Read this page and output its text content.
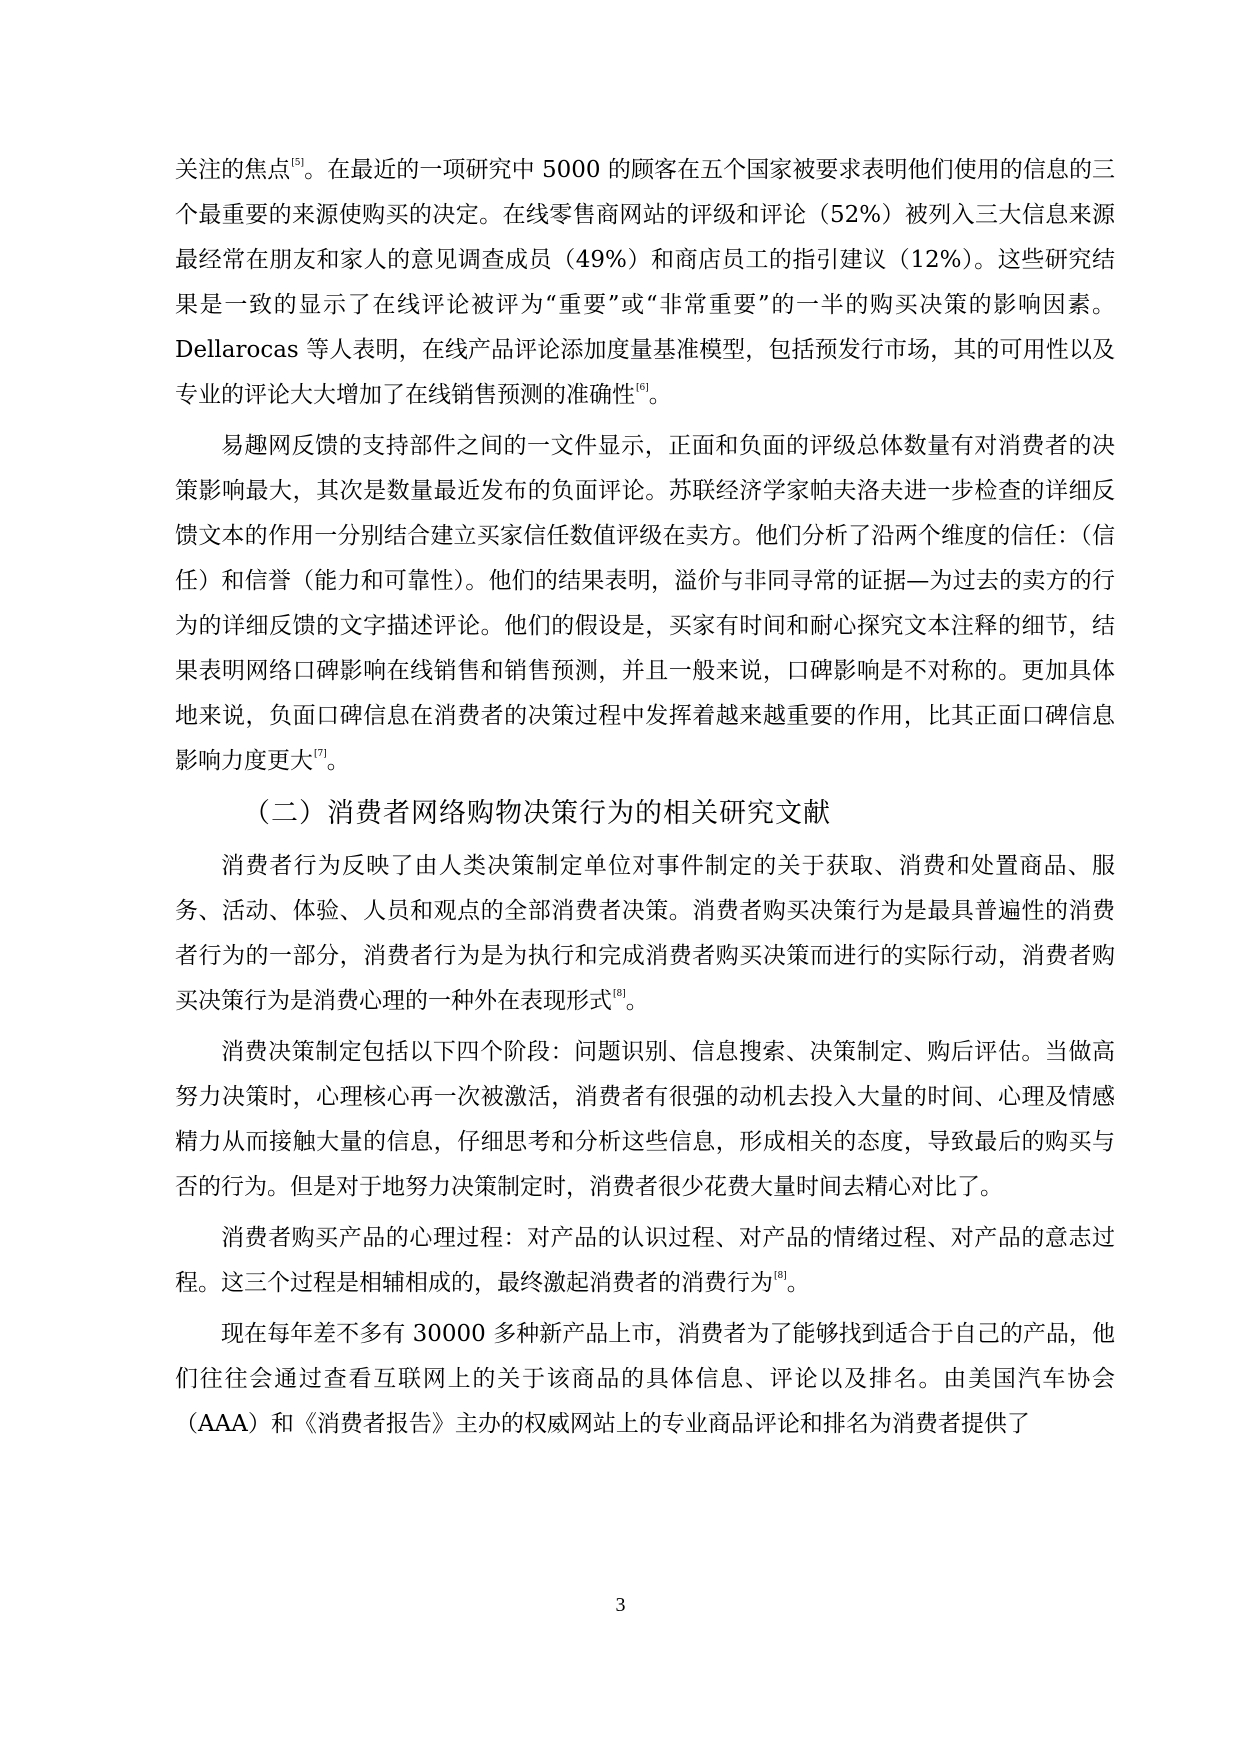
关注的焦点[5]。在最近的一项研究中 5000 的顾客在五个国家被要求表明他们使用的信息的三个最重要的来源使购买的决定。在线零售商网站的评级和评论（52%）被列入三大信息来源最经常在朋友和家人的意见调查成员（49%）和商店员工的指引建议（12%）。这些研究结果是一致的显示了在线评论被评为“重要”或“非常重要”的一半的购买决策的影响因素。Dellarocas 等人表明，在线产品评论添加度量基准模型，包括预发行市场，其的可用性以及专业的评论大大增加了在线销售预测的准确性[6]。

易趣网反馈的支持部件之间的一文件显示，正面和负面的评级总体数量有对消费者的决策影响最大，其次是数量最近发布的负面评论。苏联经济学家帕夫洛夫进一步检查的详细反馈文本的作用一分别结合建立买家信任数值评级在卖方。他们分析了沿两个维度的信任：（信任）和信誉（能力和可靠性）。他们的结果表明，溢价与非同寻常的证据—为过去的卖方的行为的详细反馈的文字描述评论。他们的假设是，买家有时间和耐心探究文本注释的细节，结果表明网络口碑影响在线销售和销售预测，并且一般来说，口碑影响是不对称的。更加具体地来说，负面口碑信息在消费者的决策过程中发挥着越来越重要的作用，比其正面口碑信息影响力度更大[7]。

（二）消费者网络购物决策行为的相关研究文献

消费者行为反映了由人类决策制定单位对事件制定的关于获取、消费和处置商品、服务、活动、体验、人员和观点的全部消费者决策。消费者购买决策行为是最具普遍性的消费者行为的一部分，消费者行为是为执行和完成消费者购买决策而进行的实际行动，消费者购买决策行为是消费心理的一种外在表现形式[8]。

消费决策制定包括以下四个阶段：问题识别、信息搜索、决策制定、购后评估。当做高努力决策时，心理核心再一次被激活，消费者有很强的动机去投入大量的时间、心理及情感精力从而接触大量的信息，仔细思考和分析这些信息，形成相关的态度，导致最后的购买与否的行为。但是对于地努力决策制定时，消费者很少花费大量时间去精心对比了。

消费者购买产品的心理过程：对产品的认识过程、对产品的情绪过程、对产品的意志过程。这三个过程是相辅相成的，最终激起消费者的消费行为[8]。

现在每年差不多有 30000 多种新产品上市，消费者为了能够找到适合于自己的产品，他们往往会通过查看互联网上的关于该商品的具体信息、评论以及排名。由美国汽车协会（AAA）和《消费者报告》主办的权威网站上的专业商品评论和排名为消费者提供了

3
